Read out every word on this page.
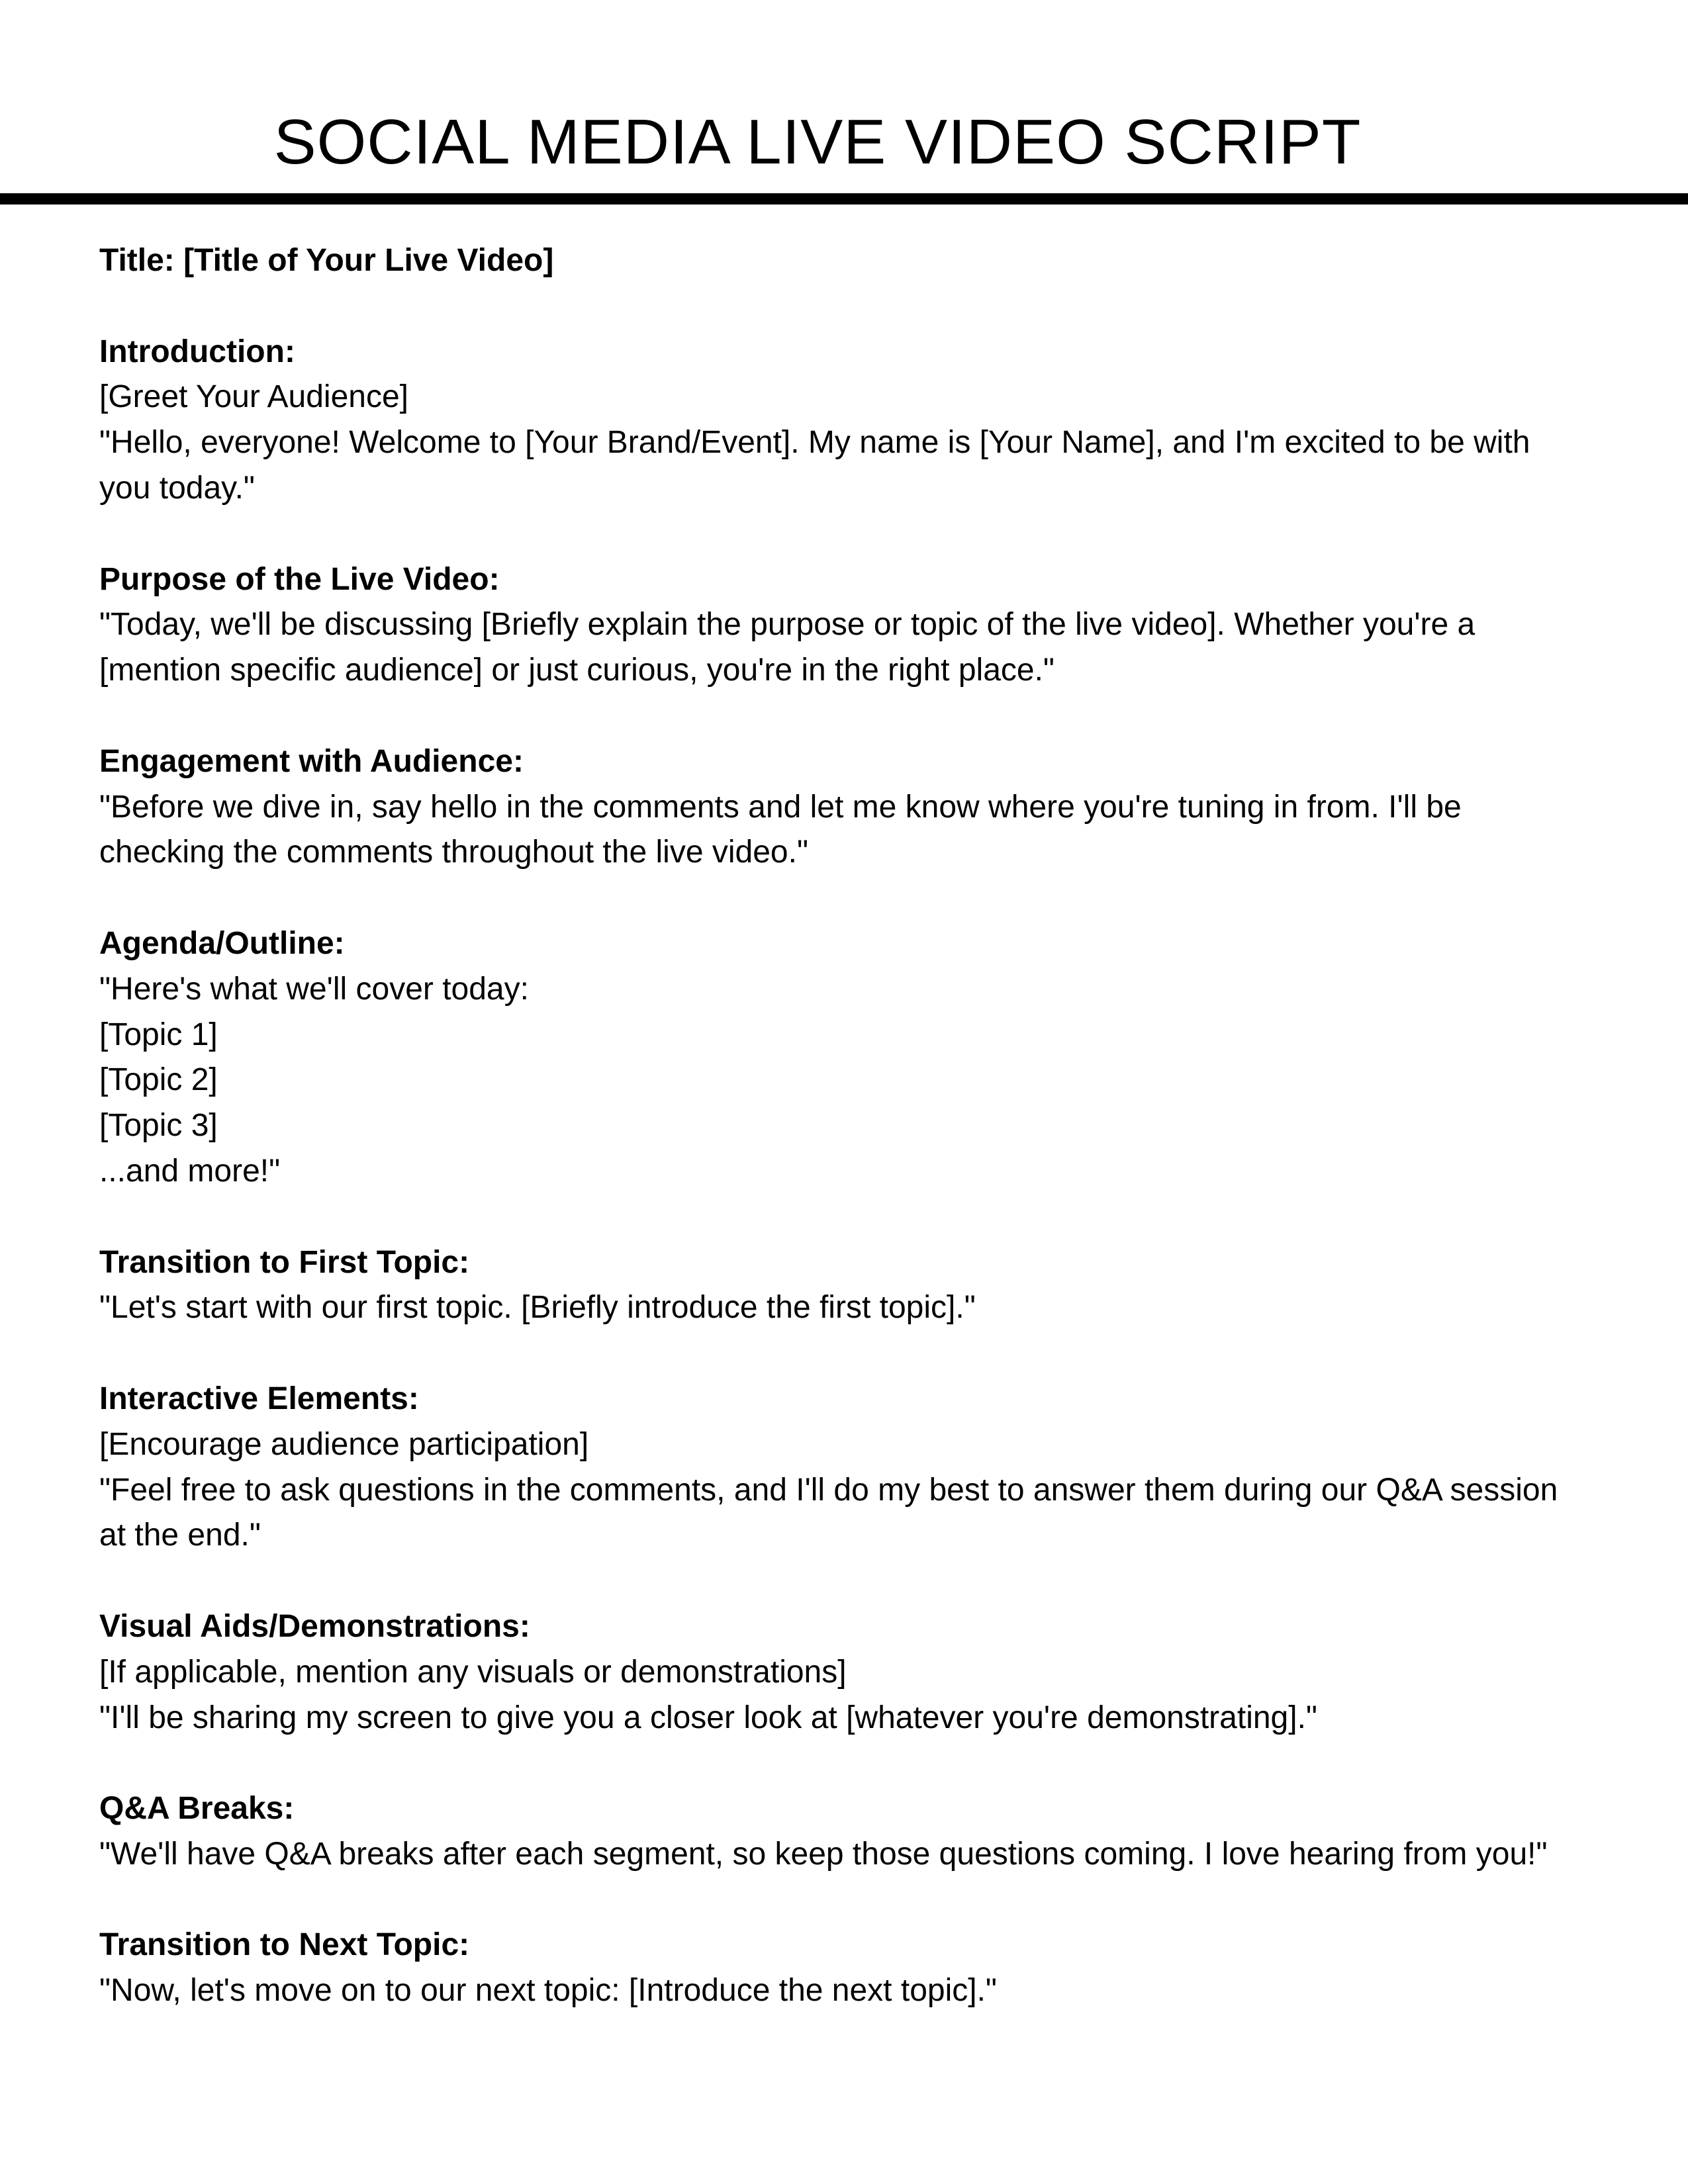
SOCIAL MEDIA LIVE VIDEO SCRIPT

Title: [Title of Your Live Video]

Introduction:

[Greet Your Audience]

"Hello, everyone! Welcome to [Your Brand/Event]. My name is [Your Name], and I'm excited to be with you today."

Purpose of the Live Video:

"Today, we'll be discussing [Briefly explain the purpose or topic of the live video]. Whether you're a [mention specific audience] or just curious, you're in the right place."

Engagement with Audience:

"Before we dive in, say hello in the comments and let me know where you're tuning in from. I'll be checking the comments throughout the live video."

Agenda/Outline:

"Here's what we'll cover today:

[Topic 1]

[Topic 2]

[Topic 3]

...and more!"

Transition to First Topic:

"Let's start with our first topic. [Briefly introduce the first topic]."

Interactive Elements:

[Encourage audience participation]

"Feel free to ask questions in the comments, and I'll do my best to answer them during our Q&A session at the end."

Visual Aids/Demonstrations:

[If applicable, mention any visuals or demonstrations]

"I'll be sharing my screen to give you a closer look at [whatever you're demonstrating]."

Q&A Breaks:

"We'll have Q&A breaks after each segment, so keep those questions coming. I love hearing from you!"

Transition to Next Topic:

"Now, let's move on to our next topic: [Introduce the next topic]."
